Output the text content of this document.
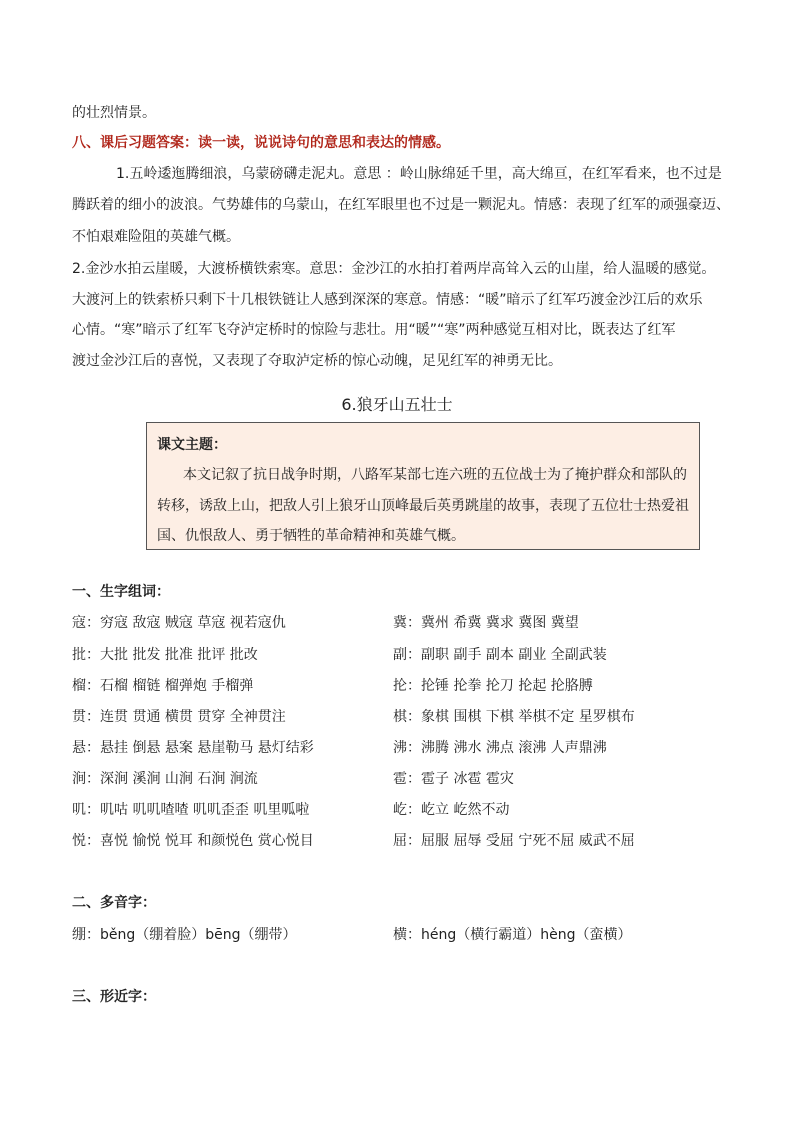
的壮烈情景。
八、课后习题答案：读一读，说说诗句的意思和表达的情感。
1.五岭逶迤腾细浪，乌蒙磅礴走泥丸。意思 ：岭山脉绵延千里，高大绵亘，在红军看来，也不过是
腾跃着的细小的波浪。气势雄伟的乌蒙山，在红军眼里也不过是一颗泥丸。情感：表现了红军的顽强豪迈、
不怕艰难险阻的英雄气概。
2.金沙水拍云崖暖，大渡桥横铁索寒。意思：金沙江的水拍打着两岸高耸入云的山崖，给人温暖的感觉。
大渡河上的铁索桥只剩下十几根铁链让人感到深深的寒意。情感：“暖”暗示了红军巧渡金沙江后的欢乐
心情。“寒”暗示了红军飞夺泸定桥时的惊险与悲壮。用“暖”“寒”两种感觉互相对比，既表达了红军
渡过金沙江后的喜悦，又表现了夺取泸定桥的惊心动魄，足见红军的神勇无比。
6.狼牙山五壮士
课文主题：
本文记叙了抗日战争时期，八路军某部七连六班的五位战士为了掩护群众和部队的
转移，诱敌上山，把敌人引上狼牙山顶峰最后英勇跳崖的故事，表现了五位壮士热爱祖
国、仇恨敌人、勇于牺牲的革命精神和英雄气概。
一、生字组词：
寇：穷寇 敌寇 贼寇 草寇 视若寇仇
批：大批 批发 批准 批评 批改
榴：石榴 榴链 榴弹炮 手榴弹
贯：连贯 贯通 横贯 贯穿 全神贯注
悬：悬挂 倒悬 悬案 悬崖勒马 悬灯结彩
涧：深涧 溪涧 山涧 石涧 涧流
叽：叽咕 叽叽喳喳 叽叽歪歪 叽里呱啦
悦：喜悦 愉悦 悦耳 和颜悦色 赏心悦目
冀：冀州 希冀 冀求 冀图 冀望
副：副职 副手 副本 副业 全副武装
抡：抡锤 抡拳 抡刀 抡起 抡胳膊
棋：象棋 围棋 下棋 举棋不定 星罗棋布
沸：沸腾 沸水 沸点 滚沸 人声鼎沸
雹：雹子 冰雹 雹灾
屹：屹立 屹然不动
屈：屈服 屈辱 受屈 宁死不屈 威武不屈
二、多音字：
绷：běng（绷着脸）bēng（绷带）	横：héng（横行霸道）hèng（蛮横）
三、形近字：
